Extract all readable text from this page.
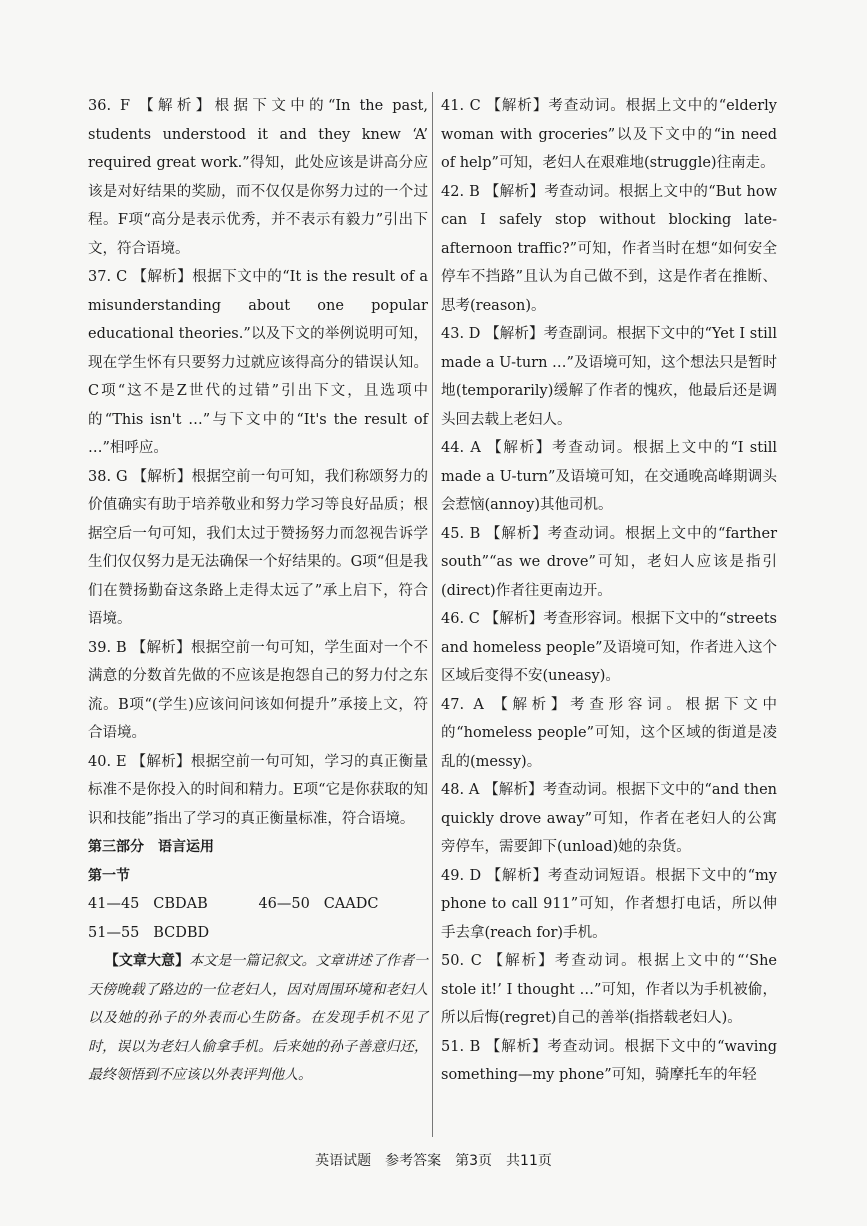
36. F 【解析】根据下文中的“In the past, students understood it and they knew ‘A’ required great work.”得知，此处应该是讲高分应该是对好结果的奖励，而不仅仅是你努力过的一个过程。F项“高分是表示优秀，并不表示有毅力”引出下文，符合语境。

37. C 【解析】根据下文中的“It is the result of a misunderstanding about one popular educational theories.”以及下文的举例说明可知，现在学生怀有只要努力过就应该得高分的错误认知。C项“这不是Z世代的过错”引出下文，且选项中的“This isn't …”与下文中的“It's the result of …”相呼应。

38. G 【解析】根据空前一句可知，我们称颂努力的价值确实有助于培养敬业和努力学习等良好品质；根据空后一句可知，我们太过于赞扬努力而忽视告诉学生们仅仅努力是无法确保一个好结果的。G项“但是我们在赞扬勤奋这条路上走得太远了”承上启下，符合语境。

39. B 【解析】根据空前一句可知，学生面对一个不满意的分数首先做的不应该是抱怨自己的努力付之东流。B项“(学生)应该问问该如何提升”承接上文，符合语境。

40. E 【解析】根据空前一句可知，学习的真正衡量标准不是你投入的时间和精力。E项“它是你获取的知识和技能”指出了学习的真正衡量标准，符合语境。

第三部分　语言运用

第一节

41—45 CBDAB	46—50 CAADC

51—55 BCDBD

【文章大意】本文是一篇记叙文。文章讲述了作者一天傍晚载了路边的一位老妇人，因对周围环境和老妇人以及她的孙子的外表而心生防备。在发现手机不见了时，误以为老妇人偷拿手机。后来她的孙子善意归还，最终领悟到不应该以外表评判他人。

41. C 【解析】考查动词。根据上文中的“elderly woman with groceries”以及下文中的“in need of help”可知，老妇人在艰难地(struggle)往南走。

42. B 【解析】考查动词。根据上文中的“But how can I safely stop without blocking late-afternoon traffic?”可知，作者当时在想“如何安全停车不挡路”且认为自己做不到，这是作者在推断、思考(reason)。

43. D 【解析】考查副词。根据下文中的“Yet I still made a U-turn …”及语境可知，这个想法只是暂时地(temporarily)缓解了作者的愧疚，他最后还是调头回去载上老妇人。

44. A 【解析】考查动词。根据上文中的“I still made a U-turn”及语境可知，在交通晚高峰期调头会惹恼(annoy)其他司机。

45. B 【解析】考查动词。根据上文中的“farther south”“as we drove”可知，老妇人应该是指引(direct)作者往更南边开。

46. C 【解析】考查形容词。根据下文中的“streets and homeless people”及语境可知，作者进入这个区域后变得不安(uneasy)。

47. A 【解析】考查形容词。根据下文中的“homeless people”可知，这个区域的街道是凌乱的(messy)。

48. A 【解析】考查动词。根据下文中的“and then quickly drove away”可知，作者在老妇人的公寓旁停车，需要卸下(unload)她的杂货。

49. D 【解析】考查动词短语。根据下文中的“my phone to call 911”可知，作者想打电话，所以伸手去拿(reach for)手机。

50. C 【解析】考查动词。根据上文中的“‘She stole it!’ I thought …”可知，作者以为手机被偷，所以后悔(regret)自己的善举(指搭载老妇人)。

51. B 【解析】考查动词。根据下文中的“waving something—my phone”可知，骑摩托车的年轻

英语试题　参考答案　第3页　共11页
